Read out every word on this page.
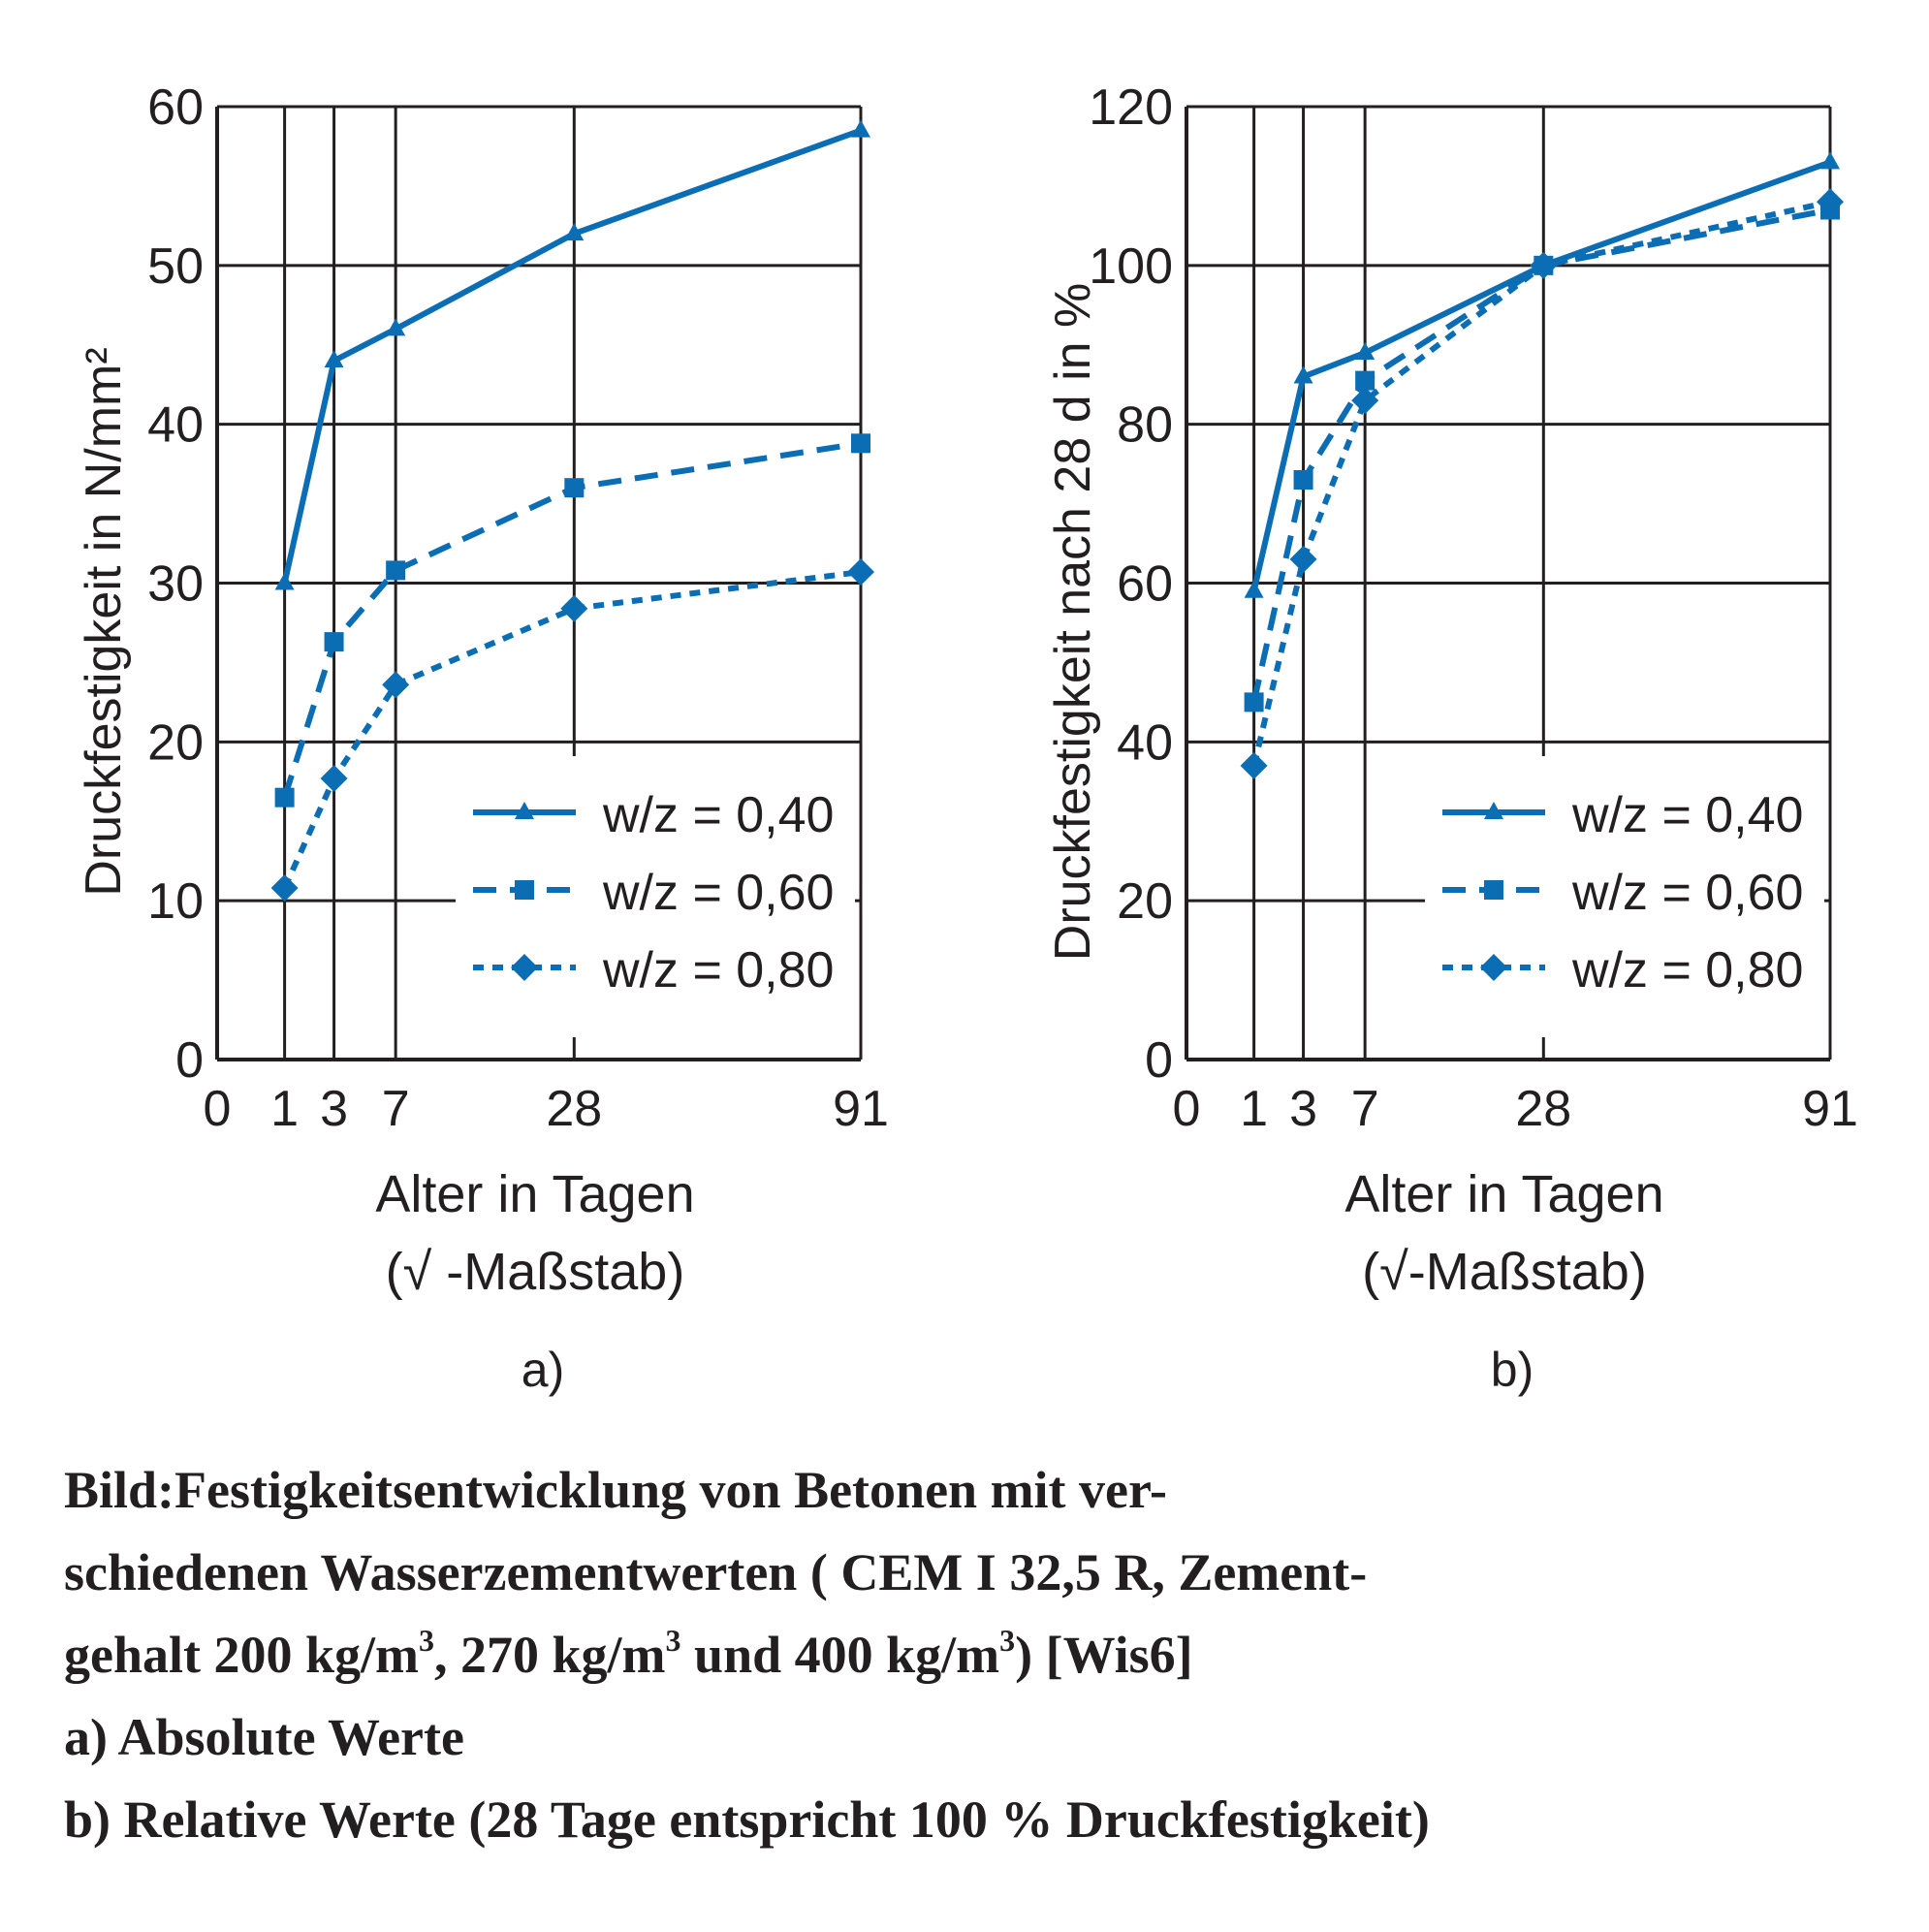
0
10
20
30
40
50
60
0 1 3 7	28	91
Alter in Tagen
(√ -Maßstab)
a)
Druckfestigkeit in N/mm²	w/z = 0,40
w/z = 0,60
w/z = 0,80
0
20
40
60
80
100
120
0 1 3 7	28	91
Alter in Tagen
(√-Maßstab)
b)
Druckfestigkeit nach 28 d in %	w/z = 0,40
w/z = 0,60
w/z = 0,80
Bild:Festigkeitsentwicklung von Betonen mit ver-
schiedenen Wasserzementwerten ( CEM I 32,5 R, Zement-
gehalt 200 $kg/m^3$, 270 $kg/m^3$ und 400 $kg/m^3$) [Wis6]
a) Absolute Werte
b) Relative Werte (28 Tage entspricht 100 % Druckfestigkeit)
